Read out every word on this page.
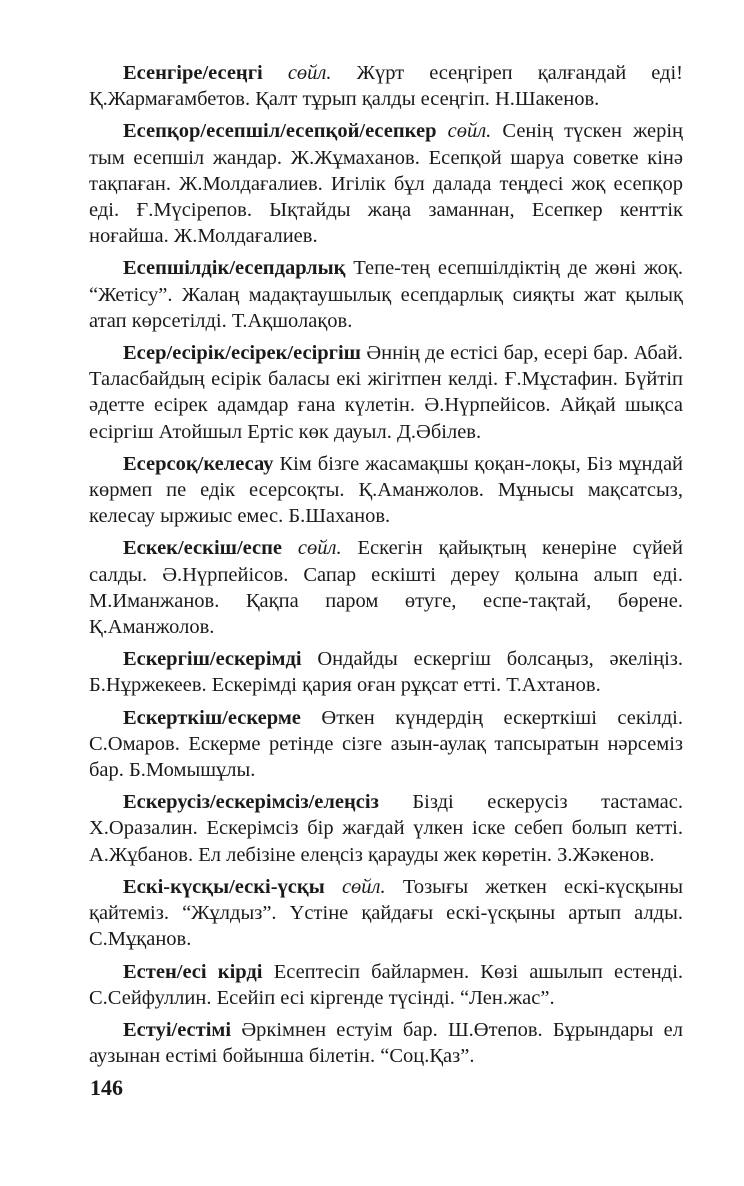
Есенгіре/есеңгі сөйл. Жүрт есеңгіреп қалғандай еді! Қ.Жармағамбетов. Қалт тұрып қалды есеңгіп. Н.Шакенов.

Есепқор/есепшіл/есепқой/есепкер сөйл. Сенің түскен жерің тым есепшіл жандар. Ж.Жұмаханов. Есепқой шаруа советке кінә тақпаған. Ж.Молдағалиев. Игілік бұл далада теңдесі жоқ есепқор еді. Ғ.Мүсірепов. Ықтайды жаңа заманнан, Есепкер кенттік ноғайша. Ж.Молдағалиев.

Есепшілдік/есепдарлық Тепе-тең есепшілдіктің де жөні жоқ. “Жетісу”. Жалаң мадақтаушылық есепдарлық сияқты жат қылық атап көрсетілді. Т.Ақшолақов.

Есер/есірік/есірек/есіргіш Әннің де естісі бар, есері бар. Абай. Таласбайдың есірік баласы екі жігітпен келді. Ғ.Мұстафин. Бүйтіп әдетте есірек адамдар ғана күлетін. Ә.Нүрпейісов. Айқай шықса есіргіш Атойшыл Ертіс көк дауыл. Д.Әбілев.

Есерсоқ/келесау Кім бізге жасамақшы қоқан-лоқы, Біз мұндай көрмеп пе едік есерсоқты. Қ.Аманжолов. Мұнысы мақсатсыз, келесау ыржиыс емес. Б.Шаханов.

Ескек/ескіш/еспе сөйл. Ескегін қайықтың кенеріне сүйей салды. Ә.Нүрпейісов. Сапар ескішті дереу қолына алып еді. М.Иманжанов. Қақпа паром өтуге, еспе-тақтай, бөрене. Қ.Аманжолов.

Ескергіш/ескерімді Ондайды ескергіш болсаңыз, әкеліңіз. Б.Нұржекеев. Ескерімді қария оған рұқсат етті. Т.Ахтанов.

Ескерткіш/ескерме Өткен күндердің ескерткіші секілді. С.Омаров. Ескерме ретінде сізге азын-аулақ тапсыратын нәрсеміз бар. Б.Момышұлы.

Ескерусіз/ескерімсіз/елеңсіз Бізді ескерусіз тастамас. Х.Оразалин. Ескерімсіз бір жағдай үлкен іске себеп болып кетті. А.Жұбанов. Ел лебізіне елеңсіз қарауды жек көретін. З.Жәкенов.

Ескі-күсқы/ескі-үсқы сөйл. Тозығы жеткен ескі-күсқыны қайтеміз. “Жұлдыз”. Үстіне қайдағы ескі-үсқыны артып алды. С.Мұқанов.

Естен/есі кірді Есептесіп байлармен. Көзі ашылып естенді. С.Сейфуллин. Есейіп есі кіргенде түсінді. “Лен.жас”.

Естуі/естімі Әркімнен естуім бар. Ш.Өтепов. Бұрындары ел аузынан естімі бойынша білетін. “Соц.Қаз”.

146
